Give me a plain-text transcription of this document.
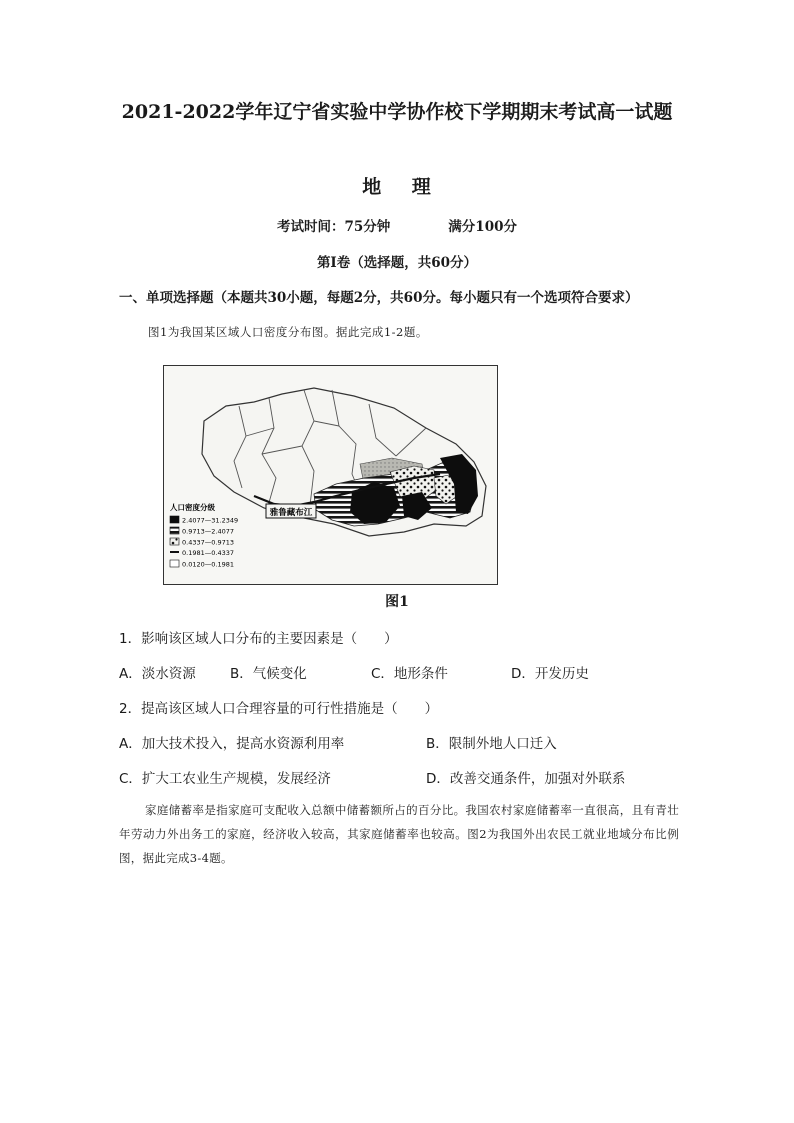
2021-2022学年辽宁省实验中学协作校下学期期末考试高一试题
地 理
考试时间：75分钟	满分100分
第Ⅰ卷（选择题，共60分）
一、单项选择题（本题共30小题，每题2分，共60分。每小题只有一个选项符合要求）
图1为我国某区域人口密度分布图。据此完成1-2题。
雅鲁藏布江
人口密度分级
2.4077—31.2349
0.9713—2.4077
0.4337—0.9713
0.1981—0.4337
0.0120—0.1981
图1
1．影响该区域人口分布的主要因素是（　　）
A．淡水资源	B．气候变化	C．地形条件	D．开发历史
2．提高该区域人口合理容量的可行性措施是（　　）
A．加大技术投入，提高水资源利用率	B．限制外地人口迁入
C．扩大工农业生产规模，发展经济	D．改善交通条件，加强对外联系
家庭储蓄率是指家庭可支配收入总额中储蓄额所占的百分比。我国农村家庭储蓄率一直很高，且有青壮年劳动力外出务工的家庭，经济收入较高，其家庭储蓄率也较高。图2为我国外出农民工就业地域分布比例图，据此完成3-4题。
